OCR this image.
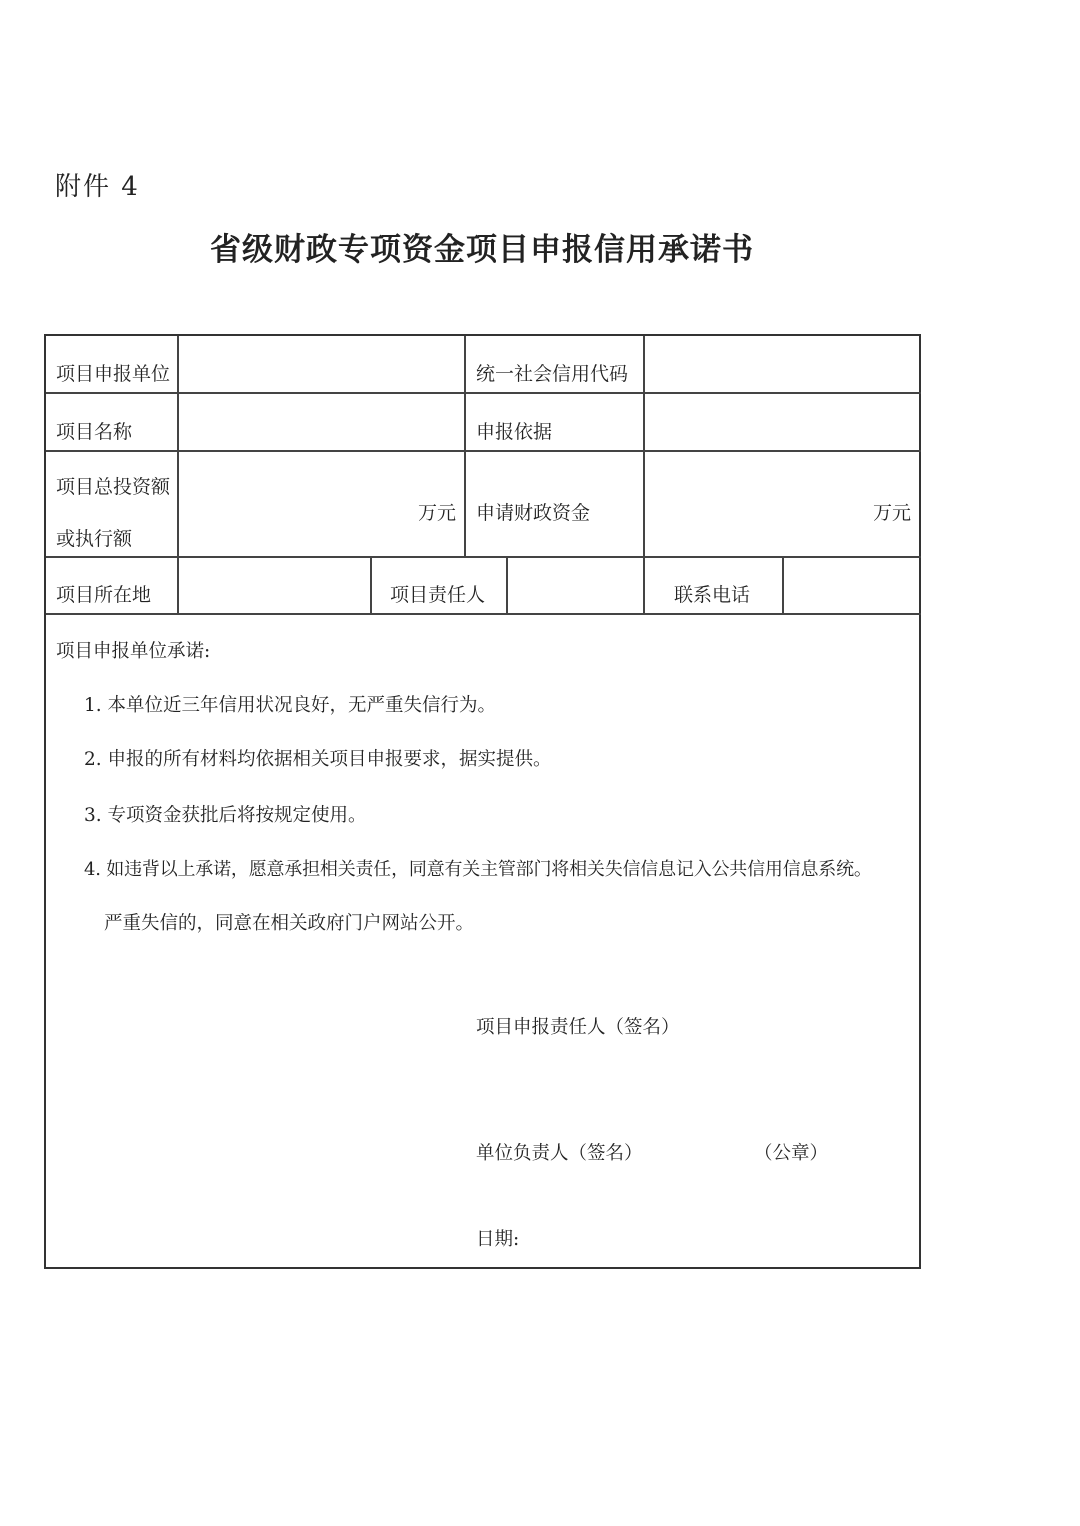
附件 4
省级财政专项资金项目申报信用承诺书
项目申报单位	统一社会信用代码
项目名称	申报依据
项目总投资额
或执行额
万元 申请财政资金	万元
项目所在地	项目责任人	联系电话
项目申报单位承诺:
1. 本单位近三年信用状况良好，无严重失信行为。
2. 申报的所有材料均依据相关项目申报要求，据实提供。
3. 专项资金获批后将按规定使用。
4. 如违背以上承诺，愿意承担相关责任，同意有关主管部门将相关失信信息记入公共信用信息系统。
严重失信的，同意在相关政府门户网站公开。
项目申报责任人（签名）
单位负责人（签名）	（公章）
日期:
